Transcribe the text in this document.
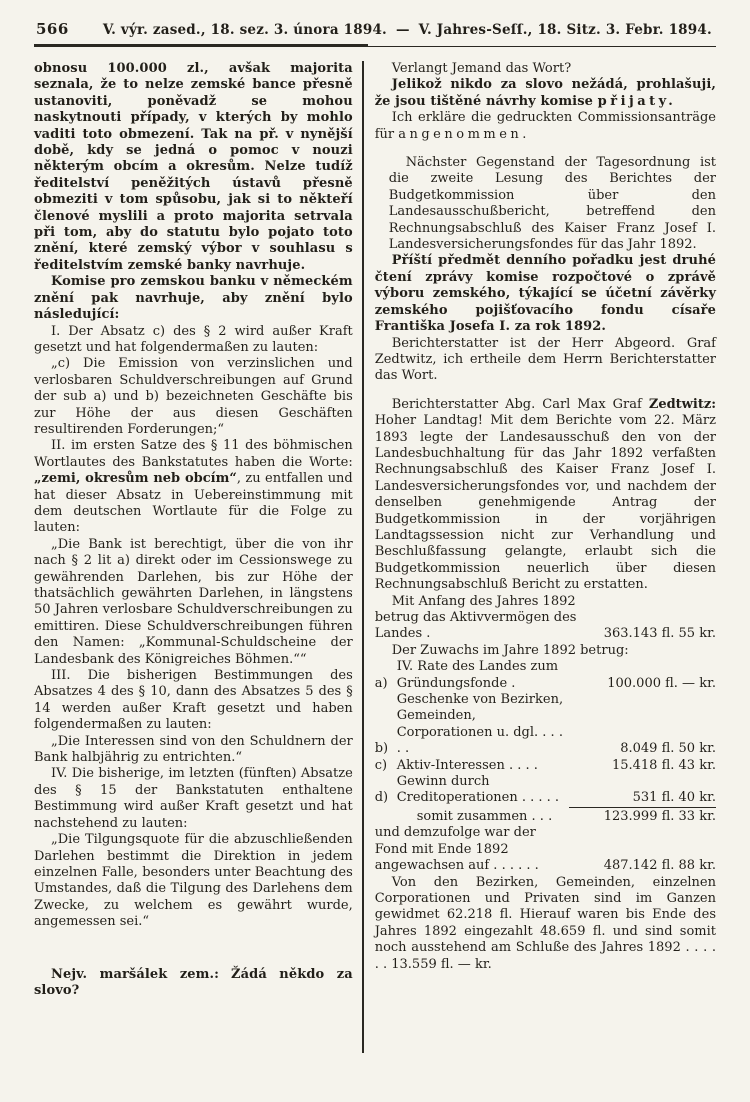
566	V. výr. zased., 18. sez. 3. února 1894. — V. Jahres-Seſſ., 18. Sitz. 3. Febr. 1894.

obnosu 100.000 zl., avšak majorita seznala, že to nelze zemské bance přesně ustanoviti, poněvadž se mohou naskytnouti případy, v kterých by mohlo vaditi toto obmezení. Tak na př. v nynější době, kdy se jedná o pomoc v nouzi některým obcím a okresům. Nelze tudíž ředitelství peněžitých ústavů přesně obmeziti v tom spůsobu, jak si to někteří členové myslili a proto majorita setrvala při tom, aby do statutu bylo pojato toto znění, které zemský výbor v souhlasu s ředitelstvím zemské banky navrhuje.

Komise pro zemskou banku v německém znění pak navrhuje, aby znění bylo následující:

I. Der Absatz c) des § 2 wird außer Kraft gesetzt und hat folgendermaßen zu lauten:

„c) Die Emission von verzinslichen und verlosbaren Schuldverschreibungen auf Grund der sub a) und b) bezeichneten Geschäfte bis zur Höhe der aus diesen Geschäften resultirenden Forderungen;“

II. im ersten Satze des § 11 des böhmischen Wortlautes des Bankstatutes haben die Worte: „zemi, okresům neb obcím“, zu entfallen und hat dieser Absatz in Uebereinstimmung mit dem deutschen Wortlaute für die Folge zu lauten:

„Die Bank ist berechtigt, über die von ihr nach § 2 lit a) direkt oder im Cessionswege zu gewährenden Darlehen, bis zur Höhe der thatsächlich gewährten Darlehen, in längstens 50 Jahren verlosbare Schuldverschreibungen zu emittiren. Diese Schuldverschreibungen führen den Namen: „Kommunal-Schuldscheine der Landesbank des Königreiches Böhmen.““

III. Die bisherigen Bestimmungen des Absatzes 4 des § 10, dann des Absatzes 5 des § 14 werden außer Kraft gesetzt und haben folgendermaßen zu lauten:

„Die Interessen sind von den Schuldnern der Bank halbjährig zu entrichten.“

IV. Die bisherige, im letzten (fünften) Absatze des § 15 der Bankstatuten enthaltene Bestimmung wird außer Kraft gesetzt und hat nachstehend zu lauten:

„Die Tilgungsquote für die abzuschließenden Darlehen bestimmt die Direktion in jedem einzelnen Falle, besonders unter Beachtung des Umstandes, daß die Tilgung des Darlehens dem Zwecke, zu welchem es gewährt wurde, angemessen sei.“

Nejv. maršálek zem.: Žádá někdo za slovo?

Verlangt Jemand das Wort?

Jelikož nikdo za slovo nežádá, prohlašuji, že jsou tištěné návrhy komise přijaty.

Ich erkläre die gedruckten Commissionsanträge für angenommen.

Nächster Gegenstand der Tagesordnung ist die zweite Lesung des Berichtes der Budgetkommission über den Landesausschußbericht, betreffend den Rechnungsabschluß des Kaiser Franz Josef I. Landesversicherungsfondes für das Jahr 1892.

Příští předmět denního pořadku jest druhé čtení zprávy komise rozpočtové o zprávě výboru zemského, týkající se účetní závěrky zemského pojišťovacího fondu císaře Františka Josefa I. za rok 1892.

Berichterstatter ist der Herr Abgeord. Graf Zedtwitz, ich ertheile dem Herrn Berichterstatter das Wort.

Berichterstatter Abg. Carl Max Graf Zedtwitz: Hoher Landtag! Mit dem Berichte vom 22. März 1893 legte der Landesausschuß den von der Landesbuchhaltung für das Jahr 1892 verfaßten Rechnungsabschluß des Kaiser Franz Josef I. Landesversicherungsfondes vor, und nachdem der denselben genehmigende Antrag der Budgetkommission in der vorjährigen Landtagssession nicht zur Verhandlung und Beschlußfassung gelangte, erlaubt sich die Budgetkommission neuerlich über diesen Rechnungsabschluß Bericht zu erstatten.

Mit Anfang des Jahres 1892 betrug das Aktivvermögen des Landes .	363.143 fl. 55 kr.

Der Zuwachs im Jahre 1892 betrug:

a)
IV. Rate des Landes zum Gründungsfonde .	100.000 fl. — kr.
b)
Geschenke von Bezirken, Gemeinden, Corporationen u. dgl. . . . . .	8.049 fl. 50 kr.
c) Aktiv-Interessen . . . .	15.418 fl. 43 kr.
d)
Gewinn durch Creditoperationen . . . . .	531 fl. 40 kr.
somit zusammen . . .	123.999 fl. 33 kr.
und demzufolge war der Fond mit Ende 1892 angewachsen auf . . . . . .	487.142 fl. 88 kr.

Von den Bezirken, Gemeinden, einzelnen Corporationen und Privaten sind im Ganzen gewidmet 62.218 fl. Hierauf waren bis Ende des Jahres 1892 eingezahlt 48.659 fl. und sind somit noch ausstehend am Schluße des Jahres 1892 . . . . . . 13.559 fl. — kr.
